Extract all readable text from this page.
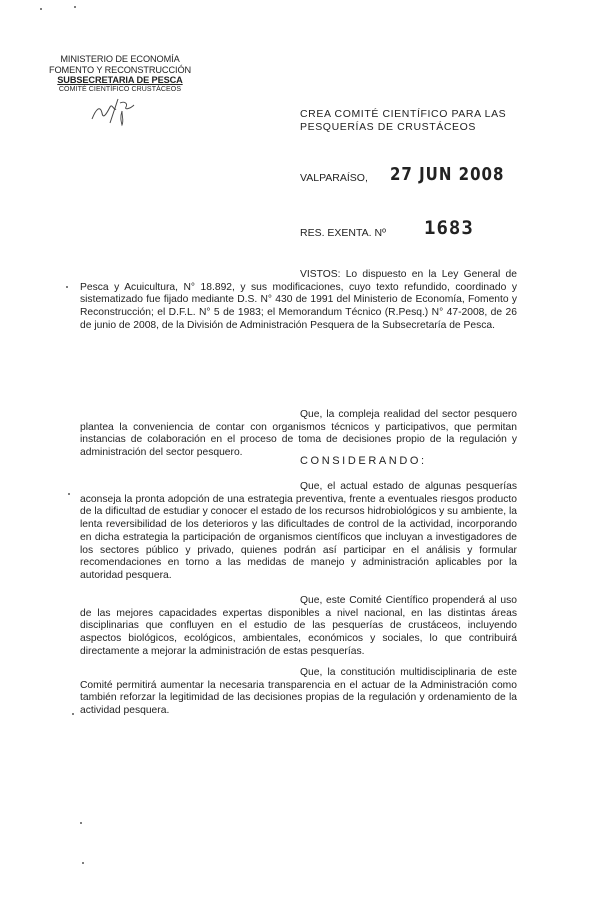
MINISTERIO DE ECONOMÍA
FOMENTO Y RECONSTRUCCIÓN
SUBSECRETARIA DE PESCA
COMITÉ CIENTÍFICO CRUSTÁCEOS
CREA COMITÉ CIENTÍFICO PARA LAS
PESQUERÍAS DE CRUSTÁCEOS
VALPARAÍSO, 27 JUN 2008
RES. EXENTA. Nº 1683
VISTOS: Lo dispuesto en la Ley General de Pesca y Acuicultura, N° 18.892, y sus modificaciones, cuyo texto refundido, coordinado y sistematizado fue fijado mediante D.S. N° 430 de 1991 del Ministerio de Economía, Fomento y Reconstrucción; el D.F.L. N° 5 de 1983; el Memorandum Técnico (R.Pesq.) N° 47-2008, de 26 de junio de 2008, de la División de Administración Pesquera de la Subsecretaría de Pesca.
CONSIDERANDO:
Que, la compleja realidad del sector pesquero plantea la conveniencia de contar con organismos técnicos y participativos, que permitan instancias de colaboración en el proceso de toma de decisiones propio de la regulación y administración del sector pesquero.
Que, el actual estado de algunas pesquerías aconseja la pronta adopción de una estrategia preventiva, frente a eventuales riesgos producto de la dificultad de estudiar y conocer el estado de los recursos hidrobiológicos y su ambiente, la lenta reversibilidad de los deterioros y las dificultades de control de la actividad, incorporando en dicha estrategia la participación de organismos científicos que incluyan a investigadores de los sectores público y privado, quienes podrán así participar en el análisis y formular recomendaciones en torno a las medidas de manejo y administración aplicables por la autoridad pesquera.
Que, este Comité Científico propenderá al uso de las mejores capacidades expertas disponibles a nivel nacional, en las distintas áreas disciplinarias que confluyen en el estudio de las pesquerías de crustáceos, incluyendo aspectos biológicos, ecológicos, ambientales, económicos y sociales, lo que contribuirá directamente a mejorar la administración de estas pesquerías.
Que, la constitución multidisciplinaria de este Comité permitirá aumentar la necesaria transparencia en el actuar de la Administración como también reforzar la legitimidad de las decisiones propias de la regulación y ordenamiento de la actividad pesquera.
